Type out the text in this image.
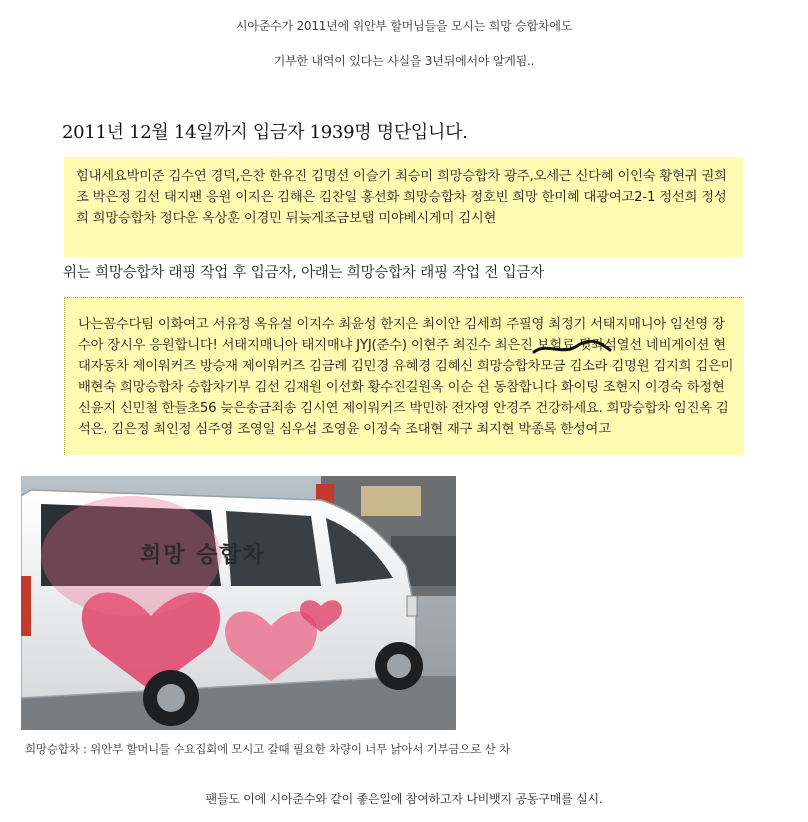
시아준수가 2011년에 위안부 할머님들을 모시는 희망 승합차에도
기부한 내역이 있다는 사실을 3년뒤에서야 알게됨..
2011년 12월 14일까지 입금자 1939명 명단입니다.
힘내세요박미준 김수연 경덕,은찬 한유진 김명선 이슬기 최승미 희망승합차 광주,오세근 신다혜 이인숙 황현귀 권희조 박은정 김선 태지팬 응원 이지은 김해은 김찬일 홍선화 희망승합차 정호빈 희망 한미혜 대광여고2-1 정선희 정성희 희망승합차 정다운 옥상훈 이경민 뒤늦게조금보탭 미야베시게미 김시현
위는 희망승합차 래핑 작업 후 입금자, 아래는 희망승합차 래핑 작업 전 입금자
나는꼼수다팀 이화여고 서유정 옥유설 이지수 최윤성 한지은 최이안 김세희 주필영 최정기 서태지매니아 임선영 장수아 장시우 응원합니다! 서태지매니아 태지매냐 JYJ(준수) 이현주 최진수 최은진 보험료 뒷좌석열선 네비게이션 현대자동차 제이워커즈 방승재 제이워커즈 김금례 김민경 유혜경 김혜신 희망승합차모금 김소라 김명원 김지희 김은미 배현숙 희망승합차 승합차기부 김선 김재원 이선화 황수진길원옥 이순 쉰 동참합니다 화이팅 조현지 이경숙 하정현 신윤지 신민철 한들초56 늦은송금죄송 김시연 제이워커즈 박민하 전자영 안경주 건강하세요. 희망승합차 임진옥 김석은. 김은정 최인정 심주영 조영일 심우섭 조영윤 이정숙 조대현 재구 최지현 박종록 한성여고
희망 승합차
희망승합차 : 위안부 할머니들 수요집회에 모시고 갈때 필요한 차량이 너무 낡아서 기부금으로 산 차
팬들도 이에 시아준수와 같이 좋은일에 참여하고자 나비뱃지 공동구매를 실시.
